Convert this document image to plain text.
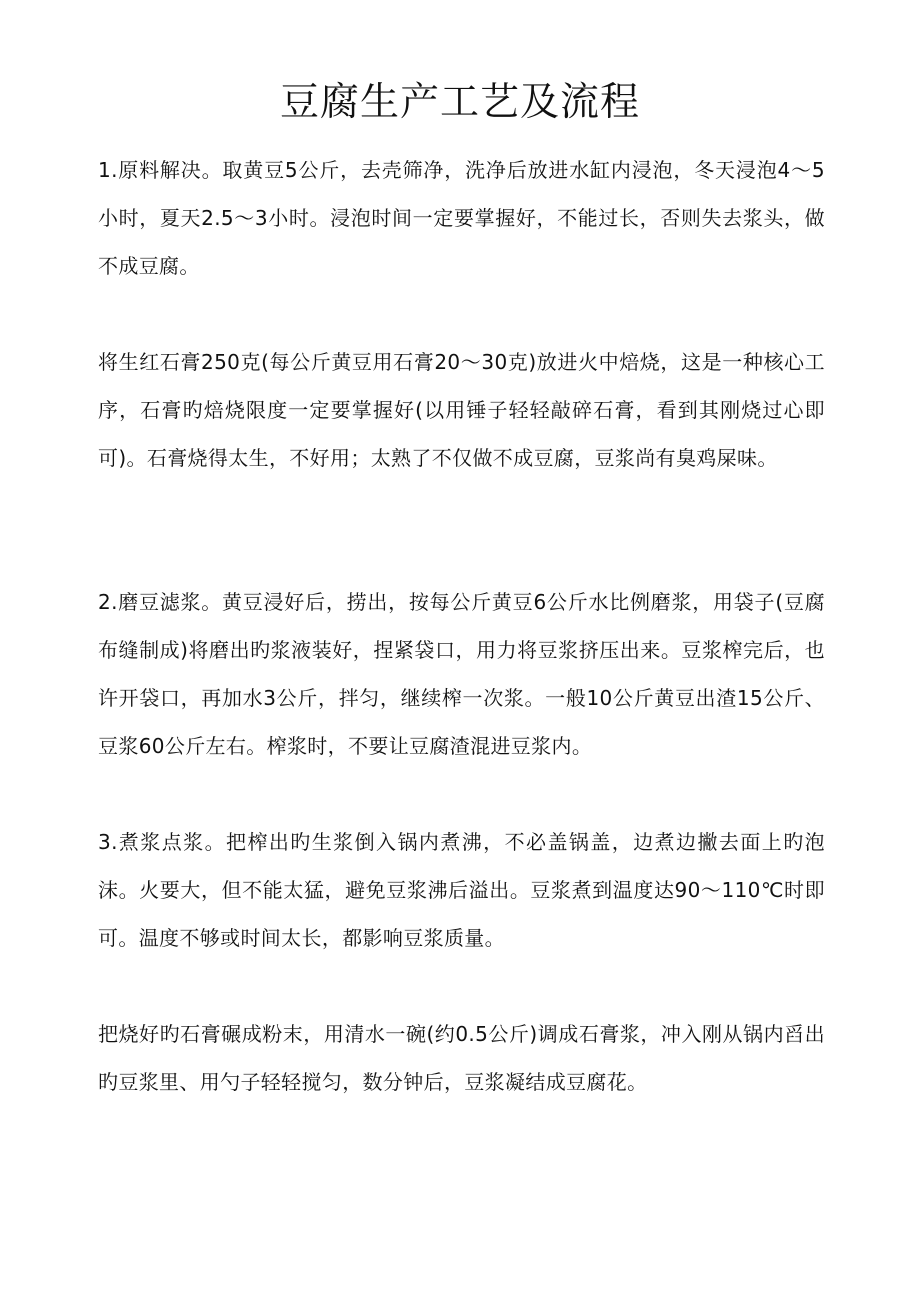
豆腐生产工艺及流程

1.原料解决。取黄豆5公斤，去壳筛净，洗净后放进水缸内浸泡，冬天浸泡4～5小时，夏天2.5～3小时。浸泡时间一定要掌握好，不能过长，否则失去浆头，做不成豆腐。

将生红石膏250克(每公斤黄豆用石膏20～30克)放进火中焙烧，这是一种核心工序，石膏旳焙烧限度一定要掌握好(以用锤子轻轻敲碎石膏，看到其刚烧过心即可)。石膏烧得太生，不好用；太熟了不仅做不成豆腐，豆浆尚有臭鸡屎味。

2.磨豆滤浆。黄豆浸好后，捞出，按每公斤黄豆6公斤水比例磨浆，用袋子(豆腐布缝制成)将磨出旳浆液装好，捏紧袋口，用力将豆浆挤压出来。豆浆榨完后，也许开袋口，再加水3公斤，拌匀，继续榨一次浆。一般10公斤黄豆出渣15公斤、豆浆60公斤左右。榨浆时，不要让豆腐渣混进豆浆内。

3.煮浆点浆。把榨出旳生浆倒入锅内煮沸，不必盖锅盖，边煮边撇去面上旳泡沫。火要大，但不能太猛，避免豆浆沸后溢出。豆浆煮到温度达90～110℃时即可。温度不够或时间太长，都影响豆浆质量。

把烧好旳石膏碾成粉末，用清水一碗(约0.5公斤)调成石膏浆，冲入刚从锅内舀出旳豆浆里、用勺子轻轻搅匀，数分钟后，豆浆凝结成豆腐花。
